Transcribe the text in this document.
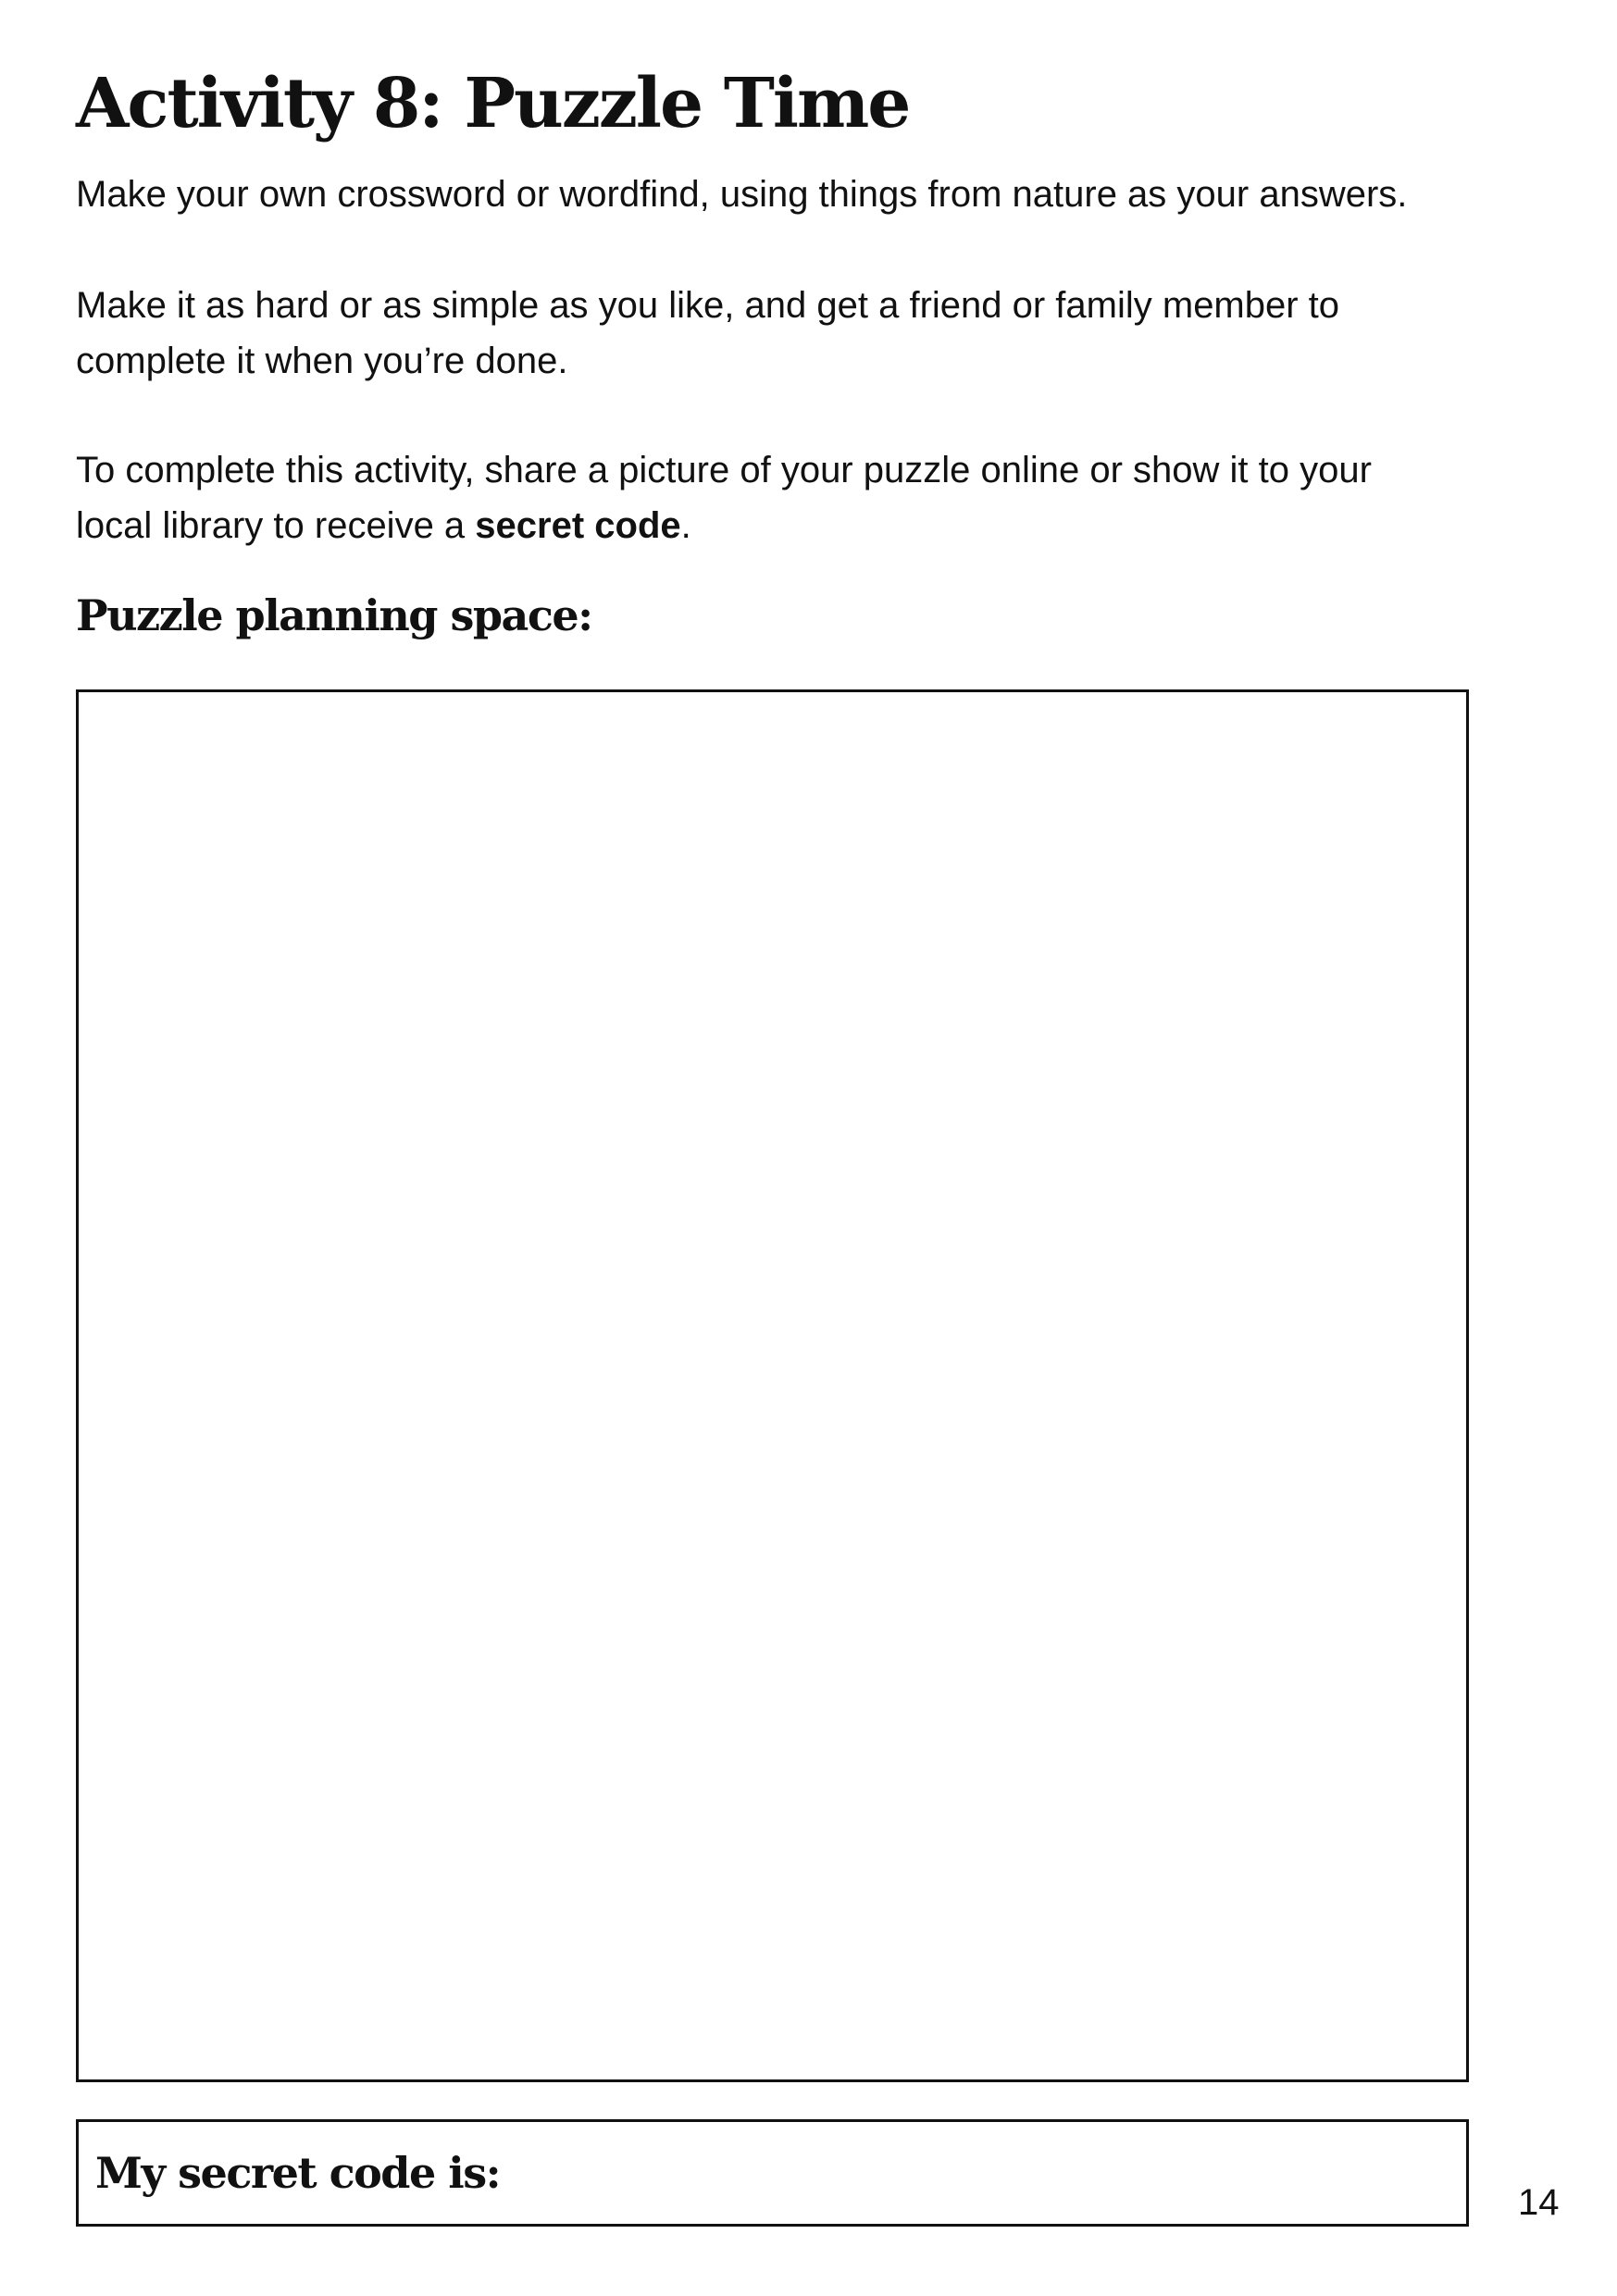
Activity 8: Puzzle Time

Make your own crossword or wordfind, using things from nature as your answers.

Make it as hard or as simple as you like, and get a friend or family member to
complete it when you’re done.

To complete this activity, share a picture of your puzzle online or show it to your
local library to receive a secret code.

Puzzle planning space:
My secret code is:
14
